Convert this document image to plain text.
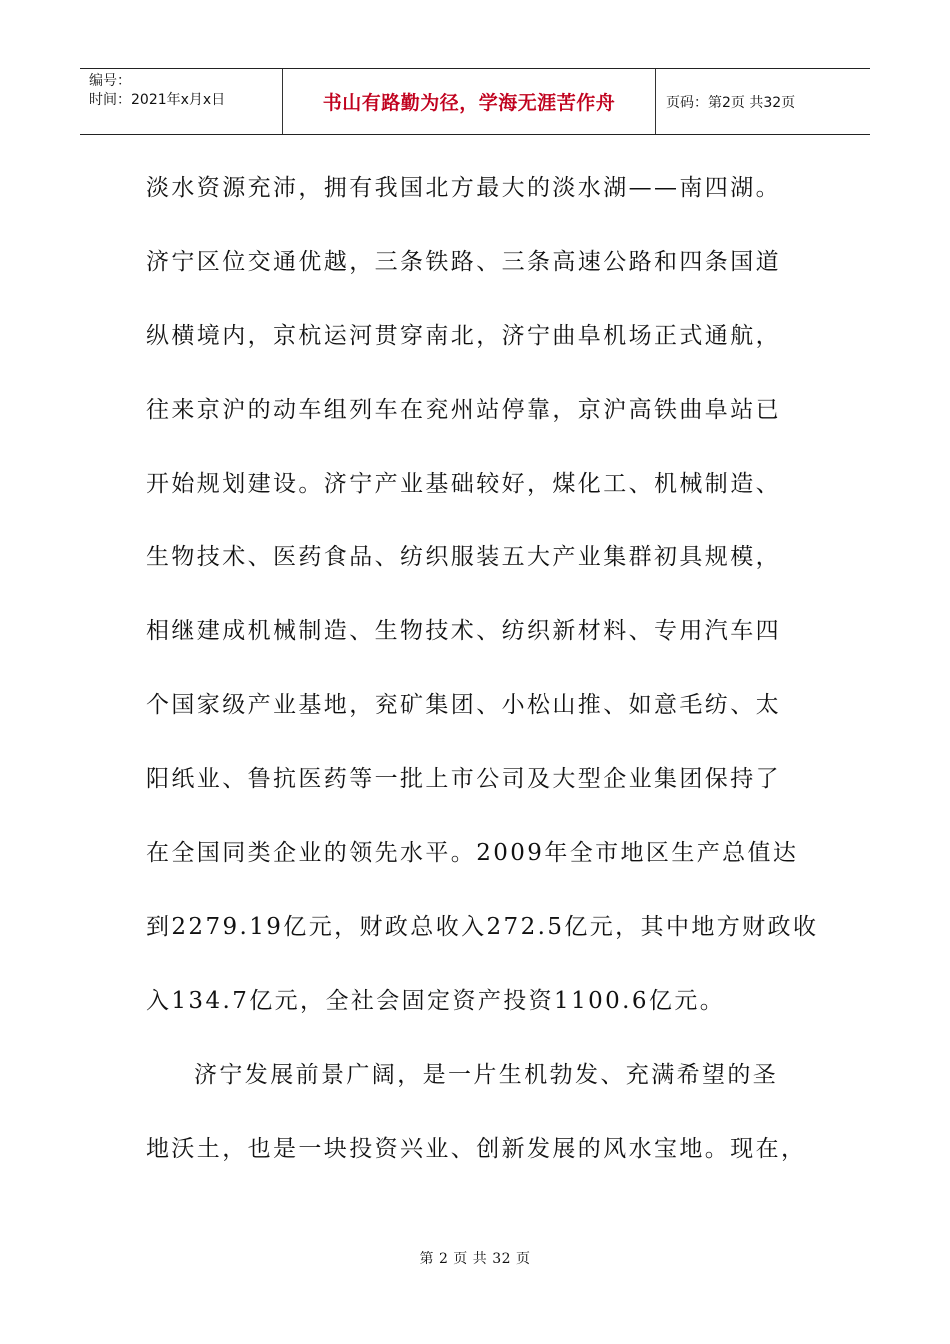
编号：
时间：2021年x月x日	书山有路勤为径，学海无涯苦作舟	页码：第2页 共32页
淡水资源充沛，拥有我国北方最大的淡水湖——南四湖。
济宁区位交通优越，三条铁路、三条高速公路和四条国道
纵横境内，京杭运河贯穿南北，济宁曲阜机场正式通航，
往来京沪的动车组列车在兖州站停靠，京沪高铁曲阜站已
开始规划建设。济宁产业基础较好，煤化工、机械制造、
生物技术、医药食品、纺织服装五大产业集群初具规模，
相继建成机械制造、生物技术、纺织新材料、专用汽车四
个国家级产业基地，兖矿集团、小松山推、如意毛纺、太
阳纸业、鲁抗医药等一批上市公司及大型企业集团保持了
在全国同类企业的领先水平。2009年全市地区生产总值达
到2279.19亿元，财政总收入272.5亿元，其中地方财政收
入134.7亿元，全社会固定资产投资1100.6亿元。
济宁发展前景广阔，是一片生机勃发、充满希望的圣
地沃土，也是一块投资兴业、创新发展的风水宝地。现在，
第 2 页 共 32 页
